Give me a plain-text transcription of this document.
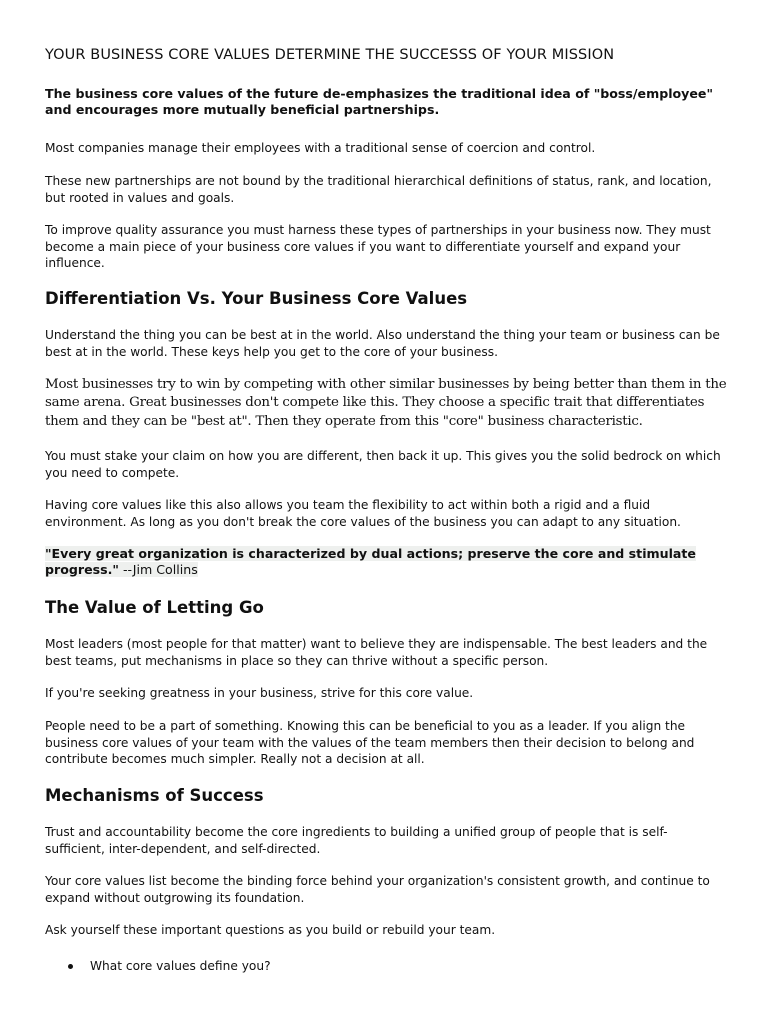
YOUR BUSINESS CORE VALUES DETERMINE THE SUCCESSS OF YOUR MISSION

The business core values of the future de-emphasizes the traditional idea of "boss/employee" and encourages more mutually beneficial partnerships.

Most companies manage their employees with a traditional sense of coercion and control.

These new partnerships are not bound by the traditional hierarchical definitions of status, rank, and location, but rooted in values and goals.

To improve quality assurance you must harness these types of partnerships in your business now. They must become a main piece of your business core values if you want to differentiate yourself and expand your influence.

Differentiation Vs. Your Business Core Values

Understand the thing you can be best at in the world. Also understand the thing your team or business can be best at in the world. These keys help you get to the core of your business.

Most businesses try to win by competing with other similar businesses by being better than them in the same arena. Great businesses don't compete like this. They choose a specific trait that differentiates them and they can be "best at". Then they operate from this "core" business characteristic.

You must stake your claim on how you are different, then back it up. This gives you the solid bedrock on which you need to compete.

Having core values like this also allows you team the flexibility to act within both a rigid and a fluid environment. As long as you don't break the core values of the business you can adapt to any situation.

"Every great organization is characterized by dual actions; preserve the core and stimulate progress." --Jim Collins

The Value of Letting Go

Most leaders (most people for that matter) want to believe they are indispensable. The best leaders and the best teams, put mechanisms in place so they can thrive without a specific person.

If you're seeking greatness in your business, strive for this core value.

People need to be a part of something. Knowing this can be beneficial to you as a leader. If you align the business core values of your team with the values of the team members then their decision to belong and contribute becomes much simpler. Really not a decision at all.

Mechanisms of Success

Trust and accountability become the core ingredients to building a unified group of people that is self-sufficient, inter-dependent, and self-directed.

Your core values list become the binding force behind your organization's consistent growth, and continue to expand without outgrowing its foundation.

Ask yourself these important questions as you build or rebuild your team.

What core values define you?
